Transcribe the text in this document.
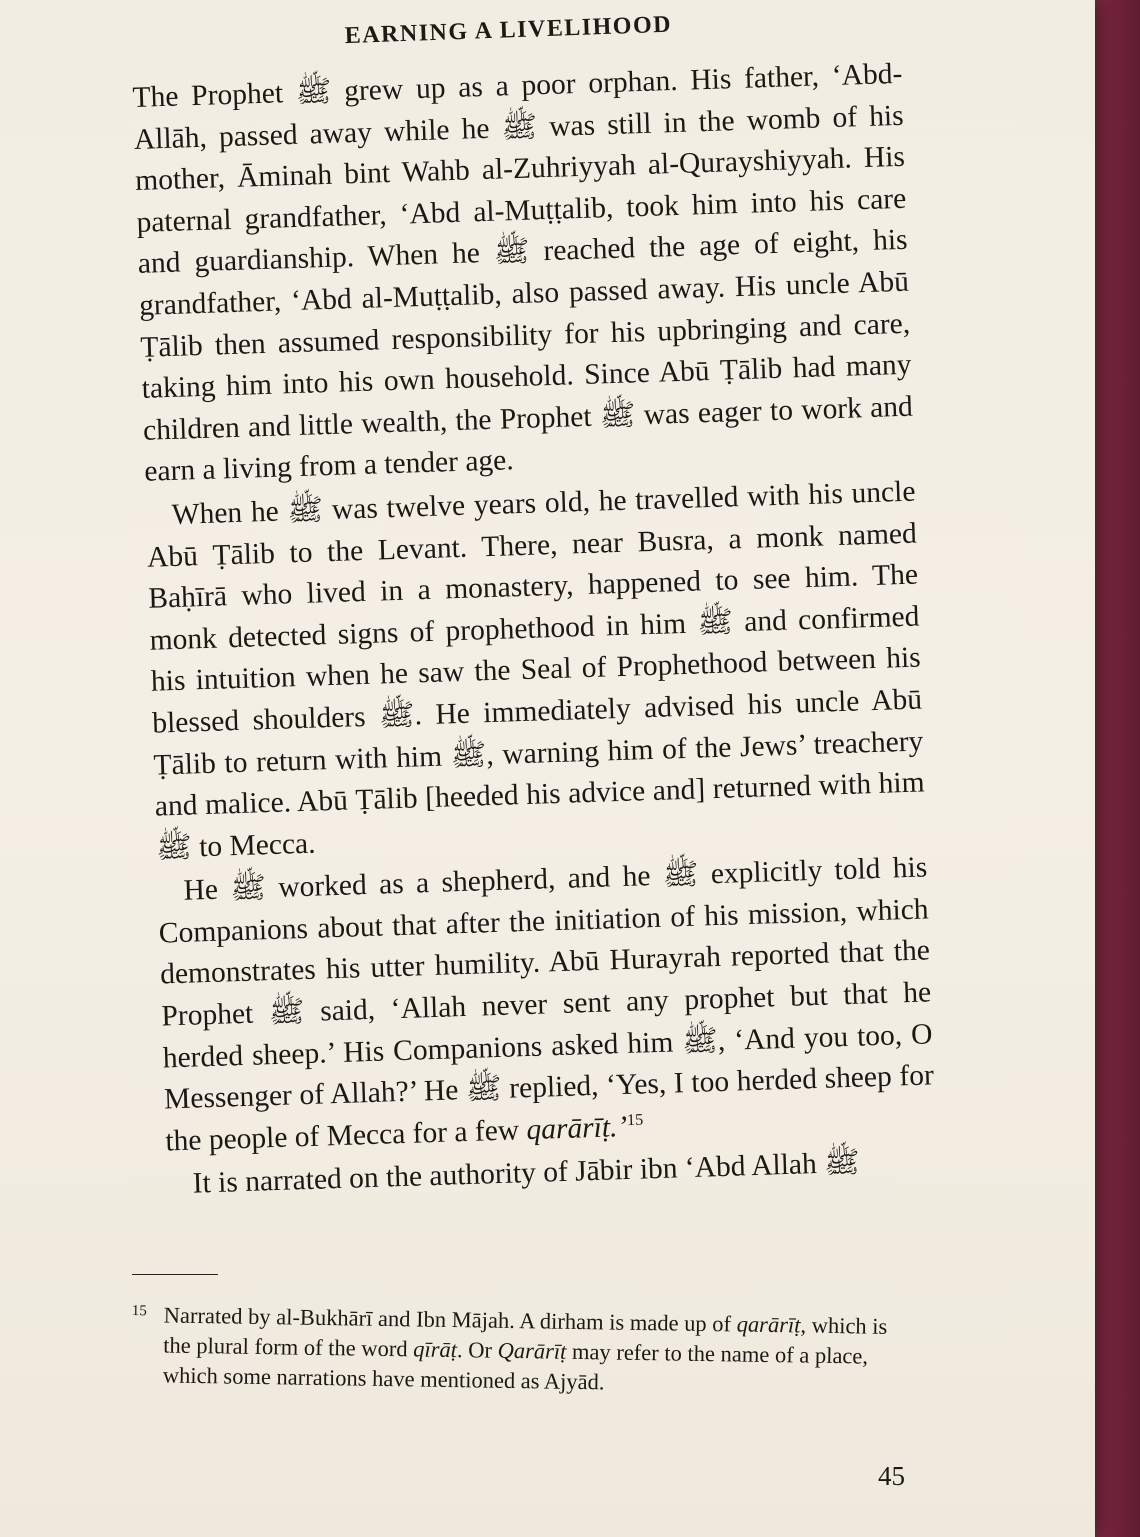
EARNING A LIVELIHOOD

The Prophet ﷺ grew up as a poor orphan. His father, ‘Abd-Allāh, passed away while he ﷺ was still in the womb of his mother, Āminah bint Wahb al-Zuhriyyah al-Qurayshiyyah. His paternal grandfather, ‘Abd al-Muṭṭalib, took him into his care and guardianship. When he ﷺ reached the age of eight, his grandfather, ‘Abd al-Muṭṭalib, also passed away. His uncle Abū Ṭālib then assumed responsibility for his upbringing and care, taking him into his own household. Since Abū Ṭālib had many children and little wealth, the Prophet ﷺ was eager to work and earn a living from a tender age.

When he ﷺ was twelve years old, he travelled with his uncle Abū Ṭālib to the Levant. There, near Busra, a monk named Baḥīrā who lived in a monastery, happened to see him. The monk detected signs of prophethood in him ﷺ and confirmed his intuition when he saw the Seal of Prophethood between his blessed shoulders ﷺ. He immediately advised his uncle Abū Ṭālib to return with him ﷺ, warning him of the Jews’ treachery and malice. Abū Ṭālib [heeded his advice and] returned with him ﷺ to Mecca.

He ﷺ worked as a shepherd, and he ﷺ explicitly told his Companions about that after the initiation of his mission, which demonstrates his utter humility. Abū Hurayrah reported that the Prophet ﷺ said, ‘Allah never sent any prophet but that he herded sheep.’ His Companions asked him ﷺ, ‘And you too, O Messenger of Allah?’ He ﷺ replied, ‘Yes, I too herded sheep for the people of Mecca for a few qarārīṭ.’$^{15}$

It is narrated on the authority of Jābir ibn ‘Abd Allah ﷺ

15 Narrated by al-Bukhārī and Ibn Mājah. A dirham is made up of qarārīṭ, which is the plural form of the word qīrāṭ. Or Qarārīṭ may refer to the name of a place, which some narrations have mentioned as Ajyād.
45
